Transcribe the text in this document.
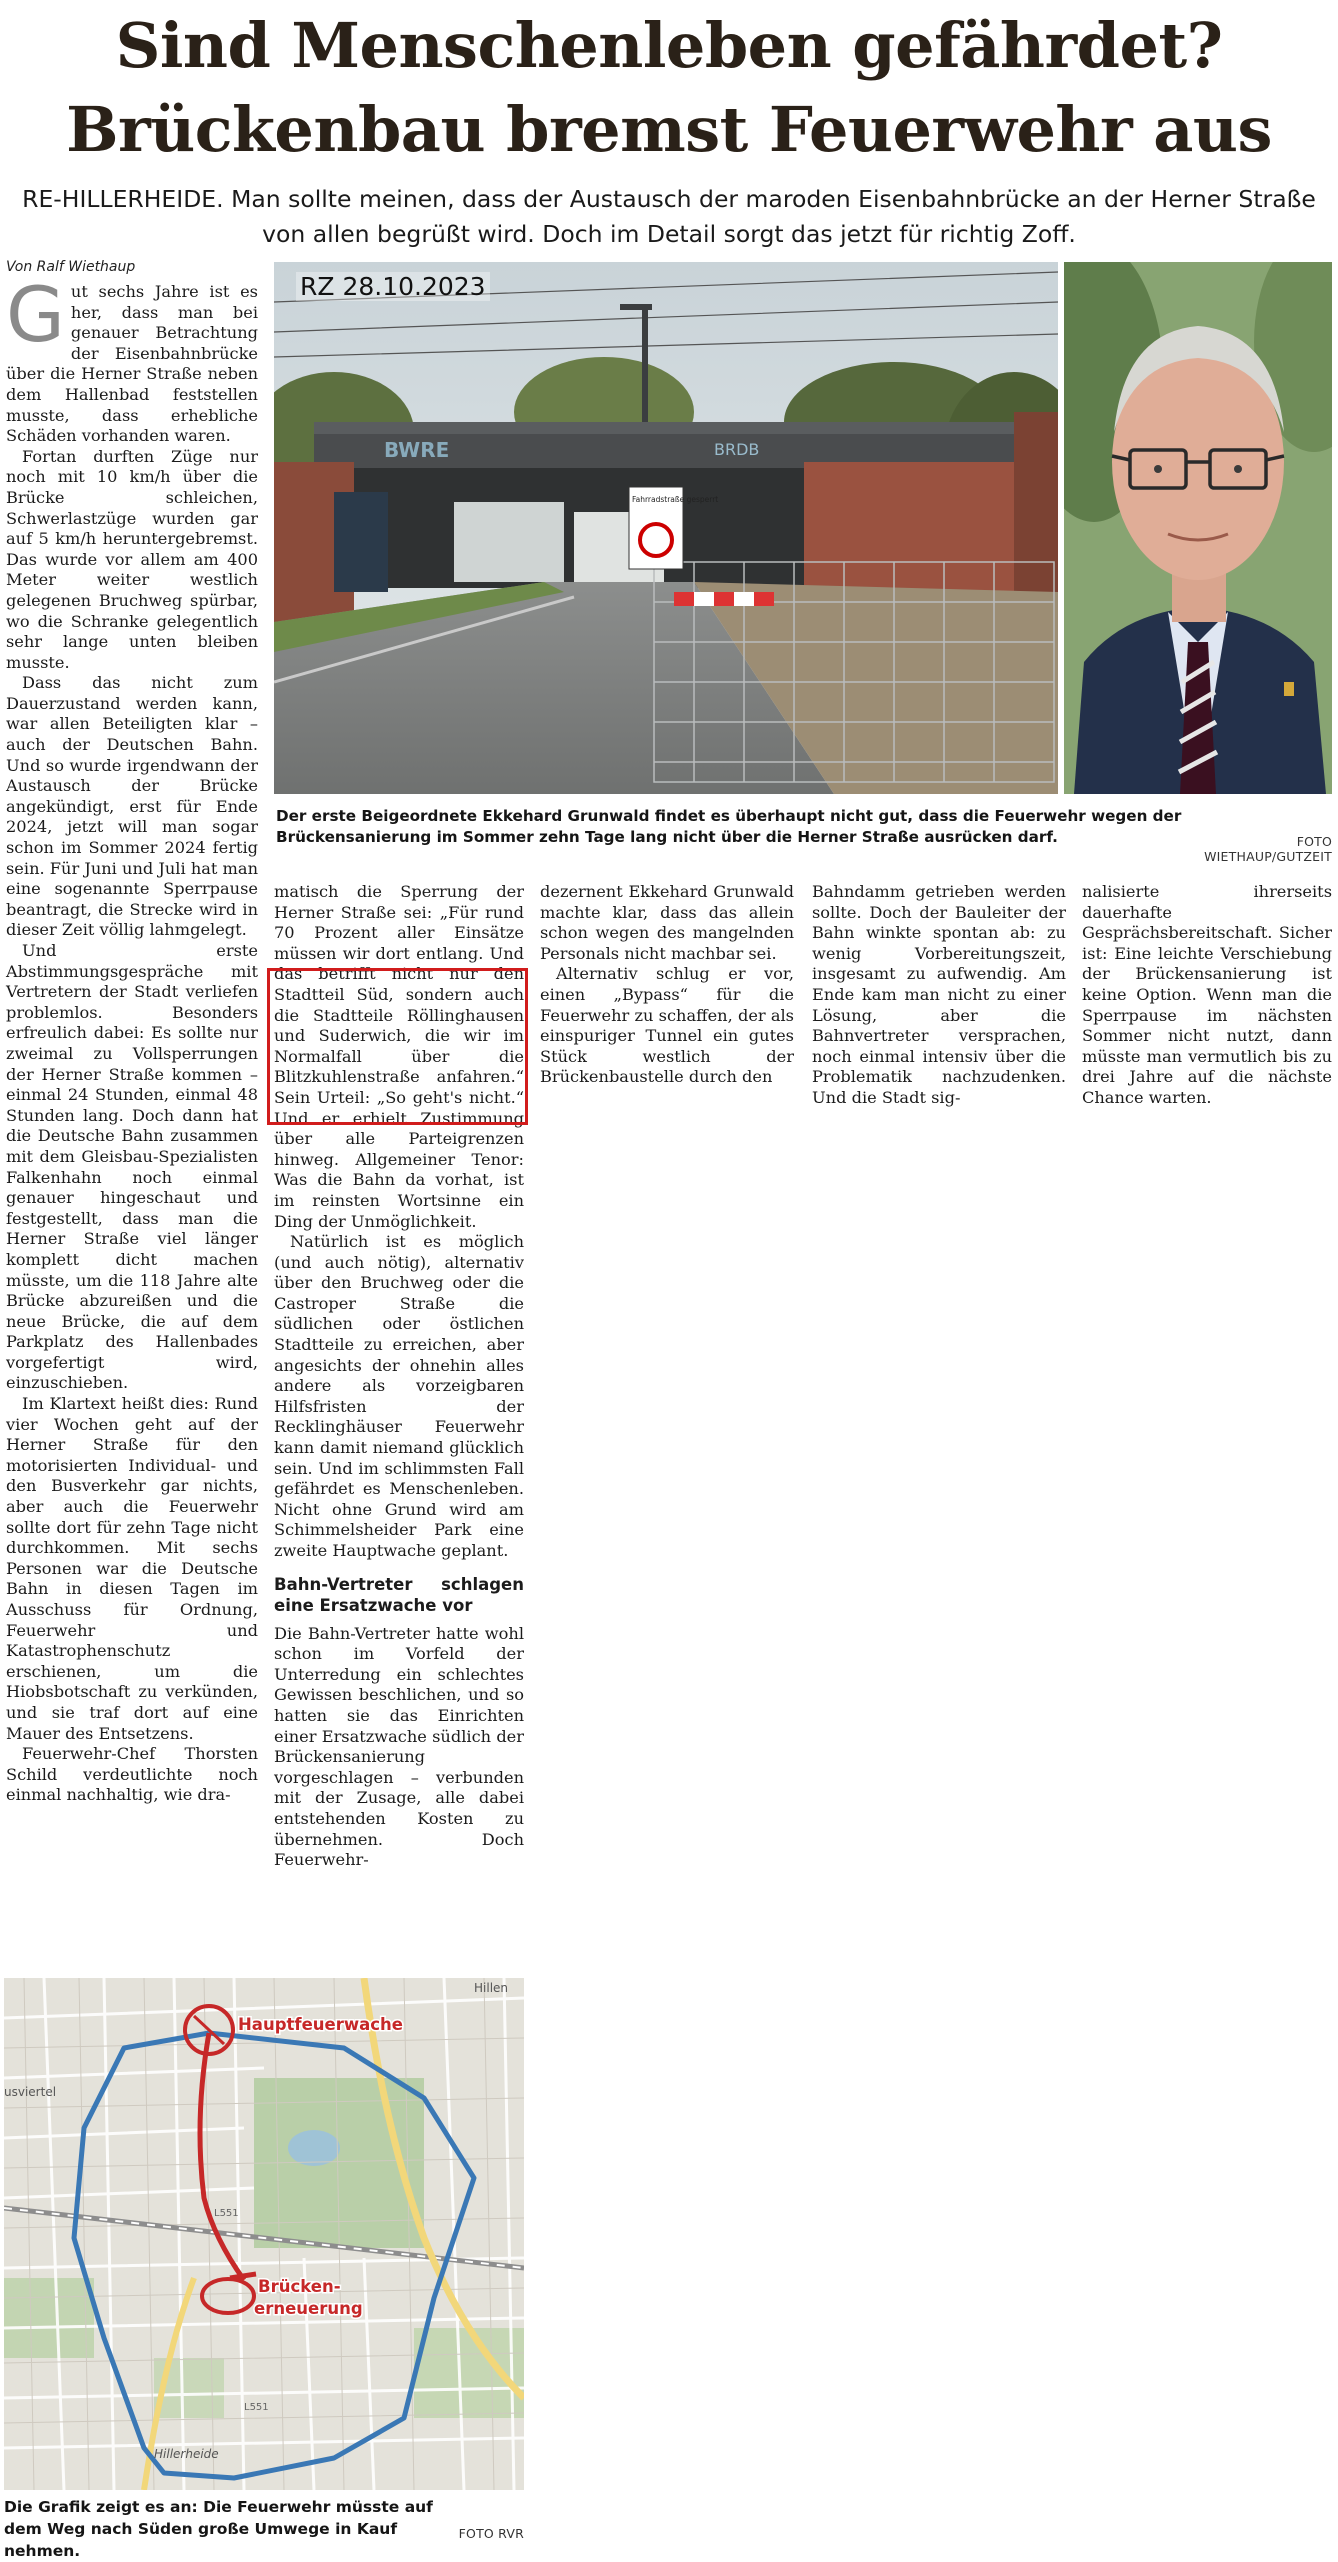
Sind Menschenleben gefährdet?
Brückenbau bremst Feuerwehr aus

RE-HILLERHEIDE. Man sollte meinen, dass der Austausch der maroden Eisenbahnbrücke an der Herner Straße von allen begrüßt wird. Doch im Detail sorgt das jetzt für richtig Zoff.

Von Ralf Wiethaup

Gut sechs Jahre ist es her, dass man bei genauer Betrachtung der Eisenbahnbrücke über die Herner Straße neben dem Hallenbad feststellen musste, dass erhebliche Schäden vorhanden waren.

Fortan durften Züge nur noch mit 10 km/h über die Brücke schleichen, Schwerlastzüge wurden gar auf 5 km/h heruntergebremst. Das wurde vor allem am 400 Meter weiter westlich gelegenen Bruchweg spürbar, wo die Schranke gelegentlich sehr lange unten bleiben musste.

Dass das nicht zum Dauerzustand werden kann, war allen Beteiligten klar – auch der Deutschen Bahn. Und so wurde irgendwann der Austausch der Brücke angekündigt, erst für Ende 2024, jetzt will man sogar schon im Sommer 2024 fertig sein. Für Juni und Juli hat man eine sogenannte Sperrpause beantragt, die Strecke wird in dieser Zeit völlig lahmgelegt.

Und erste Abstimmungsgespräche mit Vertretern der Stadt verliefen problemlos. Besonders erfreulich dabei: Es sollte nur zweimal zu Vollsperrungen der Herner Straße kommen – einmal 24 Stunden, einmal 48 Stunden lang. Doch dann hat die Deutsche Bahn zusammen mit dem Gleisbau-Spezialisten Falkenhahn noch einmal genauer hingeschaut und festgestellt, dass man die Herner Straße viel länger komplett dicht machen müsste, um die 118 Jahre alte Brücke abzureißen und die neue Brücke, die auf dem Parkplatz des Hallenbades vorgefertigt wird, einzuschieben.

Im Klartext heißt dies: Rund vier Wochen geht auf der Herner Straße für den motorisierten Individual- und den Busverkehr gar nichts, aber auch die Feuerwehr sollte dort für zehn Tage nicht durchkommen. Mit sechs Personen war die Deutsche Bahn in diesen Tagen im Ausschuss für Ordnung, Feuerwehr und Katastrophenschutz erschienen, um die Hiobsbotschaft zu verkünden, und sie traf dort auf eine Mauer des Entsetzens.

Feuerwehr-Chef Thorsten Schild verdeutlichte noch einmal nachhaltig, wie dra-

BWRE	BRDB
Fahrradstraße gesperrt
RZ 28.10.2023
Der erste Beigeordnete Ekkehard Grunwald findet es überhaupt nicht gut, dass die Feuerwehr wegen der Brückensanierung im Sommer zehn Tage lang nicht über die Herner Straße ausrücken darf.	FOTO WIETHAUP/GUTZEIT

matisch die Sperrung der Herner Straße sei: „Für rund 70 Prozent aller Einsätze müssen wir dort entlang. Und das betrifft nicht nur den Stadtteil Süd, sondern auch die Stadtteile Röllinghausen und Suderwich, die wir im Normalfall über die Blitzkuhlenstraße anfahren.“ Sein Urteil: „So geht's nicht.“ Und er erhielt Zustimmung über alle Parteigrenzen hinweg. Allgemeiner Tenor: Was die Bahn da vorhat, ist im reinsten Wortsinne ein Ding der Unmöglichkeit.

Natürlich ist es möglich (und auch nötig), alternativ über den Bruchweg oder die Castroper Straße die südlichen oder östlichen Stadtteile zu erreichen, aber angesichts der ohnehin alles andere als vorzeigbaren Hilfsfristen der Recklinghäuser Feuerwehr kann damit niemand glücklich sein. Und im schlimmsten Fall gefährdet es Menschenleben. Nicht ohne Grund wird am Schimmelsheider Park eine zweite Hauptwache geplant.

Bahn-Vertreter schlagen eine Ersatzwache vor

Die Bahn-Vertreter hatte wohl schon im Vorfeld der Unterredung ein schlechtes Gewissen beschlichen, und so hatten sie das Einrichten einer Ersatzwache südlich der Brückensanierung vorgeschlagen – verbunden mit der Zusage, alle dabei entstehenden Kosten zu übernehmen. Doch Feuerwehr-

dezernent Ekkehard Grunwald machte klar, dass das allein schon wegen des mangelnden Personals nicht machbar sei.

Alternativ schlug er vor, einen „Bypass“ für die Feuerwehr zu schaffen, der als einspuriger Tunnel ein gutes Stück westlich der Brückenbaustelle durch den

Bahndamm getrieben werden sollte. Doch der Bauleiter der Bahn winkte spontan ab: zu wenig Vorbereitungszeit, insgesamt zu aufwendig. Am Ende kam man nicht zu einer Lösung, aber die Bahnvertreter versprachen, noch einmal intensiv über die Problematik nachzudenken. Und die Stadt sig-

nalisierte ihrerseits dauerhafte Gesprächsbereitschaft. Sicher ist: Eine leichte Verschiebung der Brückensanierung ist keine Option. Wenn man die Sperrpause im nächsten Sommer nicht nutzt, dann müsste man vermutlich bis zu drei Jahre auf die nächste Chance warten.

Hauptfeuerwache
Brücken-
erneuerung
Hillen
Hillerheide
usviertel
L551
L551
Die Grafik zeigt es an: Die Feuerwehr müsste auf dem Weg nach Süden große Umwege in Kauf nehmen.
FOTO RVR
